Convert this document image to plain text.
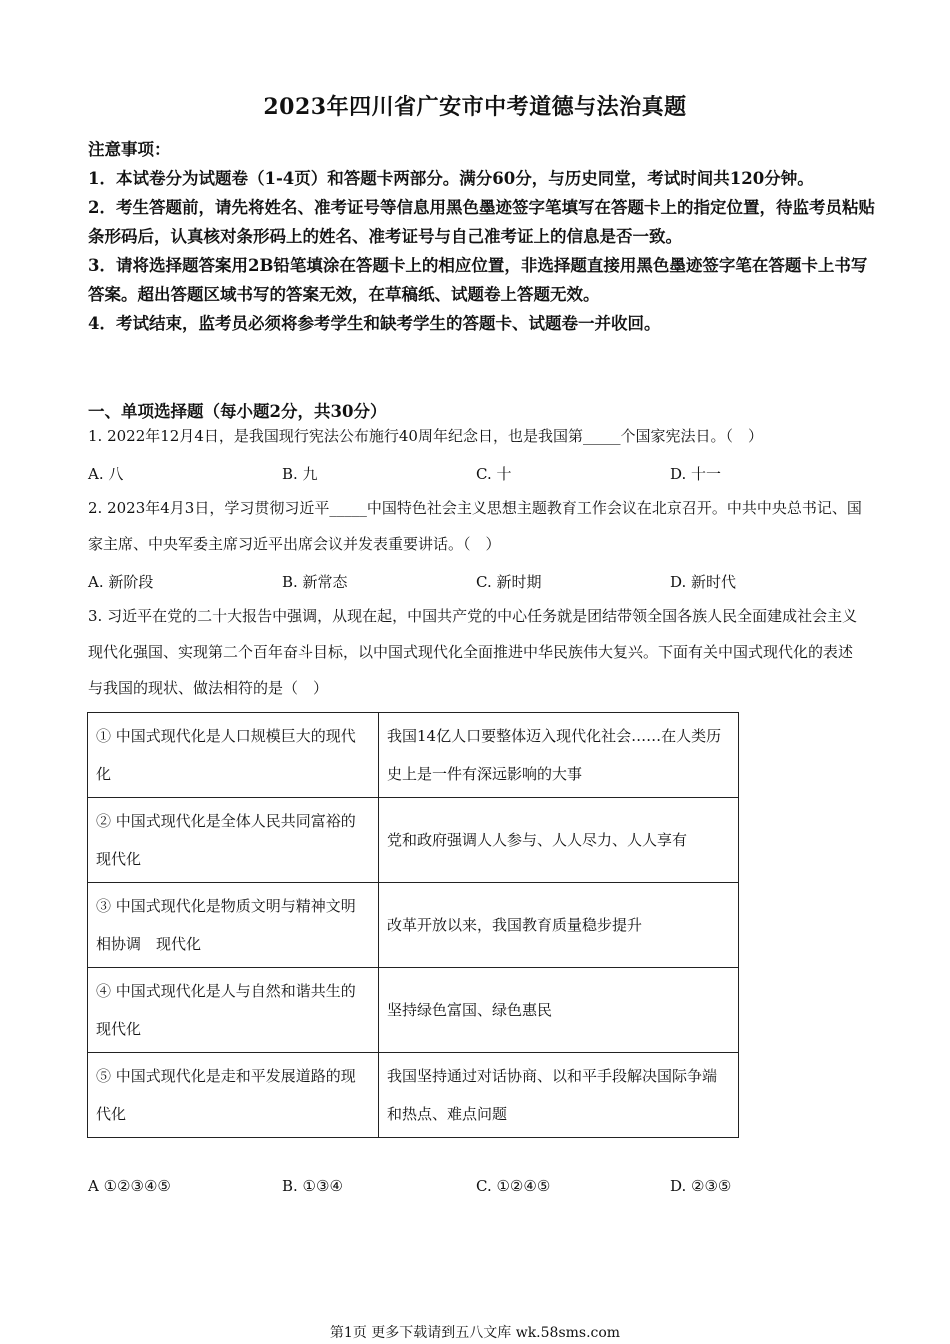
2023年四川省广安市中考道德与法治真题

注意事项：

1．本试卷分为试题卷（1-4页）和答题卡两部分。满分60分，与历史同堂，考试时间共120分钟。

2．考生答题前，请先将姓名、准考证号等信息用黑色墨迹签字笔填写在答题卡上的指定位置，待监考员粘贴条形码后，认真核对条形码上的姓名、准考证号与自己准考证上的信息是否一致。

3．请将选择题答案用2B铅笔填涂在答题卡上的相应位置，非选择题直接用黑色墨迹签字笔在答题卡上书写答案。超出答题区域书写的答案无效，在草稿纸、试题卷上答题无效。

4．考试结束，监考员必须将参考学生和缺考学生的答题卡、试题卷一并收回。

一、单项选择题（每小题2分，共30分）
1. 2022年12月4日，是我国现行宪法公布施行40周年纪念日，也是我国第_____个国家宪法日。（　）
A. 八	B. 九	C. 十	D. 十一
2. 2023年4月3日，学习贯彻习近平_____中国特色社会主义思想主题教育工作会议在北京召开。中共中央总书记、国家主席、中央军委主席习近平出席会议并发表重要讲话。（　）
A. 新阶段	B. 新常态	C. 新时期	D. 新时代
3. 习近平在党的二十大报告中强调，从现在起，中国共产党的中心任务就是团结带领全国各族人民全面建成社会主义现代化强国、实现第二个百年奋斗目标，以中国式现代化全面推进中华民族伟大复兴。下面有关中国式现代化的表述与我国的现状、做法相符的是（　）
① 中国式现代化是人口规模巨大的现代化	我国14亿人口要整体迈入现代化社会……在人类历史上是一件有深远影响的大事
② 中国式现代化是全体人民共同富裕的现代化	党和政府强调人人参与、人人尽力、人人享有
③ 中国式现代化是物质文明与精神文明相协调　现代化	改革开放以来，我国教育质量稳步提升
④ 中国式现代化是人与自然和谐共生的现代化	坚持绿色富国、绿色惠民
⑤ 中国式现代化是走和平发展道路的现代化	我国坚持通过对话协商、以和平手段解决国际争端和热点、难点问题
A ①②③④⑤	B. ①③④	C. ①②④⑤	D. ②③⑤
第1页 更多下载请到五八文库 wk.58sms.com
